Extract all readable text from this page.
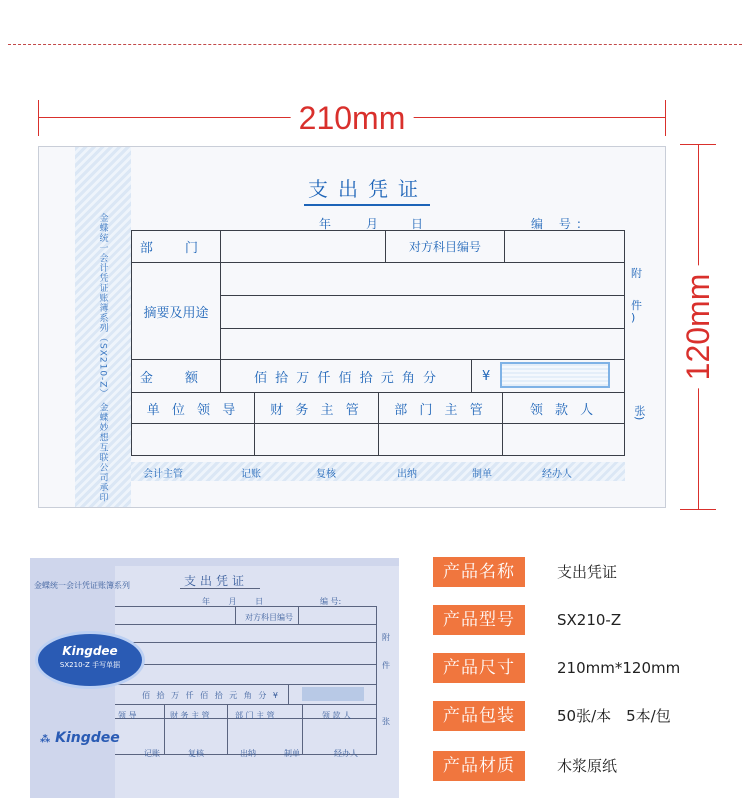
210mm
120mm
金蝶统一会计凭证账簿系列（SX210-Z） 金蝶妙想互联公司承印
支出凭证
年	月	日	编 号:
部 门	对方科目编号
摘要及用途
金 额	佰 拾 万 仟 佰 拾 元 角 分	¥
单 位 领 导	财 务 主 管	部 门 主 管	领 款 人
附
件
)
张)
会计主管	记账	复核	出纳	制单	经办人
金蝶统一会计凭证账簿系列	支出凭证
年 月 日	编 号:
对方科目编号
附
件
张
佰 拾 万 仟 佰 拾 元 角 分 ¥
领 导	财 务 主 管	部 门 主 管	领 款 人
记账	复核	出纳	制单	经办人
Kingdee
SX210-Z 手写单据
⁂ Kingdee
产品名称	支出凭证
产品型号	SX210-Z
产品尺寸	210mm*120mm
产品包装	50张/本　5本/包
产品材质	木浆原纸
